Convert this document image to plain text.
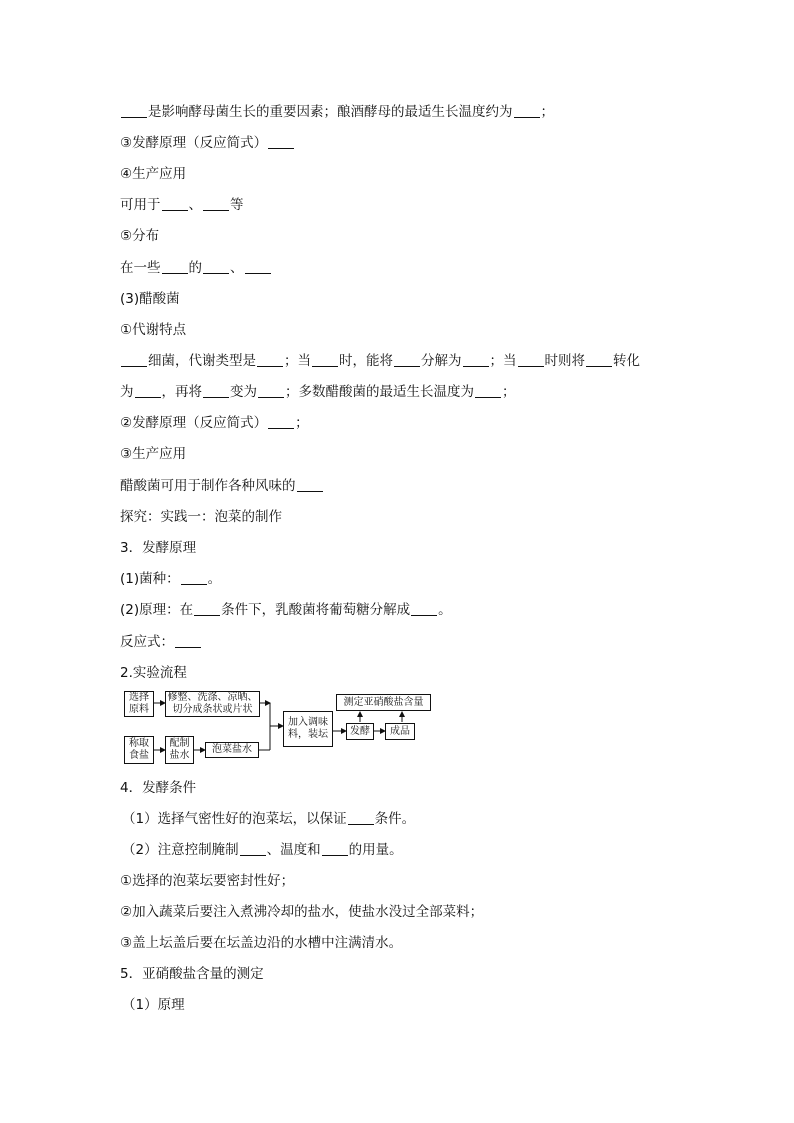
是影响酵母菌生长的重要因素；酿酒酵母的最适生长温度约为 ；
③发酵原理（反应简式）
④生产应用
可用于 、 等
⑤分布
在一些 的 、
(3)醋酸菌
①代谢特点
细菌，代谢类型是 ；当 时，能将 分解为 ；当 时则将 转化
为 ，再将 变为 ；多数醋酸菌的最适生长温度为 ；
②发酵原理（反应简式） ；
③生产应用
醋酸菌可用于制作各种风味的
探究：实践一：泡菜的制作
3．发酵原理
(1)菌种： 。
(2)原理：在 条件下，乳酸菌将葡萄糖分解成 。
反应式：
2.实验流程
4．发酵条件
（1）选择气密性好的泡菜坛，以保证 条件。
（2）注意控制腌制 、温度和 的用量。
①选择的泡菜坛要密封性好；
②加入蔬菜后要注入煮沸冷却的盐水，使盐水没过全部菜料；
③盖上坛盖后要在坛盖边沿的水槽中注满清水。
5．亚硝酸盐含量的测定
（1）原理
选择
原料
修整、洗涤、凉晒、
切分成条状或片状
称取
食盐
配制
盐水
泡菜盐水
加入调味
料，装坛
测定亚硝酸盐含量
发酵 成品
